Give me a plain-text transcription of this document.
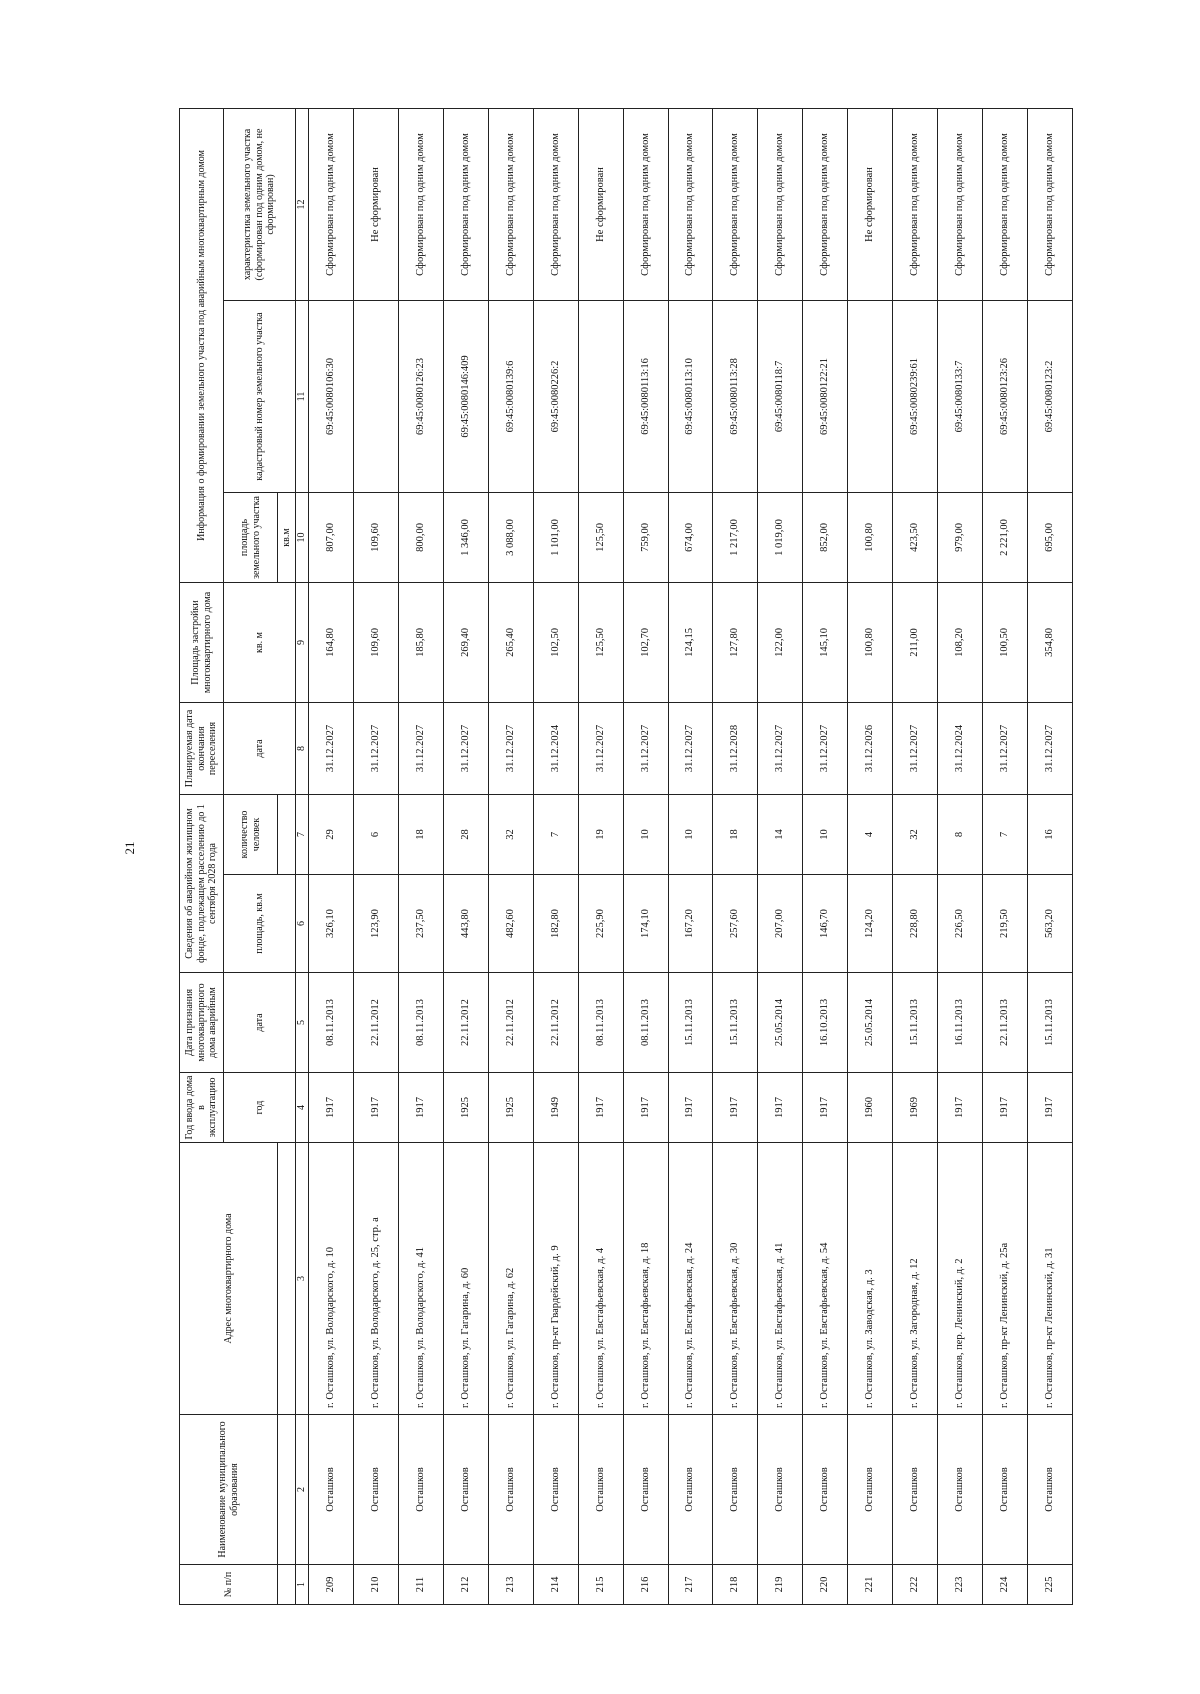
21
№ п/п	Наименование муниципального образования	Адрес многоквартирного дома	Год ввода дома в эксплуатацию	Дата признания многоквартирного дома аварийным	Сведения об аварийном жилищном фонде, подлежащем расселению до 1 сентября 2028 года		Планируемая дата окончания переселения	Площадь застройки многоквартирного дома	Информация о формировании земельного участка под аварийным многоквартирным домом		
			год	дата	площадь, кв.м	количество человек	дата	кв. м	площадь земельного участка	кадастровый номер земельного участка	характеристика земельного участка (сформирован под одним домом, не сформирован)
									кв.м		
1	2	3	4	5	6	7	8	9	10	11	12
209	Осташков	г. Осташков, ул. Володарского, д. 10	1917	08.11.2013	326,10	29	31.12.2027	164,80	807,00	69:45:0080106:30	Сформирован под одним домом
210	Осташков	г. Осташков, ул. Володарского, д. 25, стр. а	1917	22.11.2012	123,90	6	31.12.2027	109,60	109,60		Не сформирован
211	Осташков	г. Осташков, ул. Володарского, д. 41	1917	08.11.2013	237,50	18	31.12.2027	185,80	800,00	69:45:0080126:23	Сформирован под одним домом
212	Осташков	г. Осташков, ул. Гагарина, д. 60	1925	22.11.2012	443,80	28	31.12.2027	269,40	1 346,00	69:45:0080146:409	Сформирован под одним домом
213	Осташков	г. Осташков, ул. Гагарина, д. 62	1925	22.11.2012	482,60	32	31.12.2027	265,40	3 088,00	69:45:0080139:6	Сформирован под одним домом
214	Осташков	г. Осташков, пр-кт Гвардейский, д. 9	1949	22.11.2012	182,80	7	31.12.2024	102,50	1 101,00	69:45:0080226:2	Сформирован под одним домом
215	Осташков	г. Осташков, ул. Евстафьевская, д. 4	1917	08.11.2013	225,90	19	31.12.2027	125,50	125,50		Не сформирован
216	Осташков	г. Осташков, ул. Евстафьевская, д. 18	1917	08.11.2013	174,10	10	31.12.2027	102,70	759,00	69:45:0080113:16	Сформирован под одним домом
217	Осташков	г. Осташков, ул. Евстафьевская, д. 24	1917	15.11.2013	167,20	10	31.12.2027	124,15	674,00	69:45:0080113:10	Сформирован под одним домом
218	Осташков	г. Осташков, ул. Евстафьевская, д. 30	1917	15.11.2013	257,60	18	31.12.2028	127,80	1 217,00	69:45:0080113:28	Сформирован под одним домом
219	Осташков	г. Осташков, ул. Евстафьевская, д. 41	1917	25.05.2014	207,00	14	31.12.2027	122,00	1 019,00	69:45:0080118:7	Сформирован под одним домом
220	Осташков	г. Осташков, ул. Евстафьевская, д. 54	1917	16.10.2013	146,70	10	31.12.2027	145,10	852,00	69:45:0080122:21	Сформирован под одним домом
221	Осташков	г. Осташков, ул. Заводская, д. 3	1960	25.05.2014	124,20	4	31.12.2026	100,80	100,80		Не сформирован
222	Осташков	г. Осташков, ул. Загородная, д. 12	1969	15.11.2013	228,80	32	31.12.2027	211,00	423,50	69:45:0080239:61	Сформирован под одним домом
223	Осташков	г. Осташков, пер. Ленинский, д. 2	1917	16.11.2013	226,50	8	31.12.2024	108,20	979,00	69:45:0080133:7	Сформирован под одним домом
224	Осташков	г. Осташков, пр-кт Ленинский, д. 25а	1917	22.11.2013	219,50	7	31.12.2027	100,50	2 221,00	69:45:0080123:26	Сформирован под одним домом
225	Осташков	г. Осташков, пр-кт Ленинский, д. 31	1917	15.11.2013	563,20	16	31.12.2027	354,80	695,00	69:45:0080123:2	Сформирован под одним домом
